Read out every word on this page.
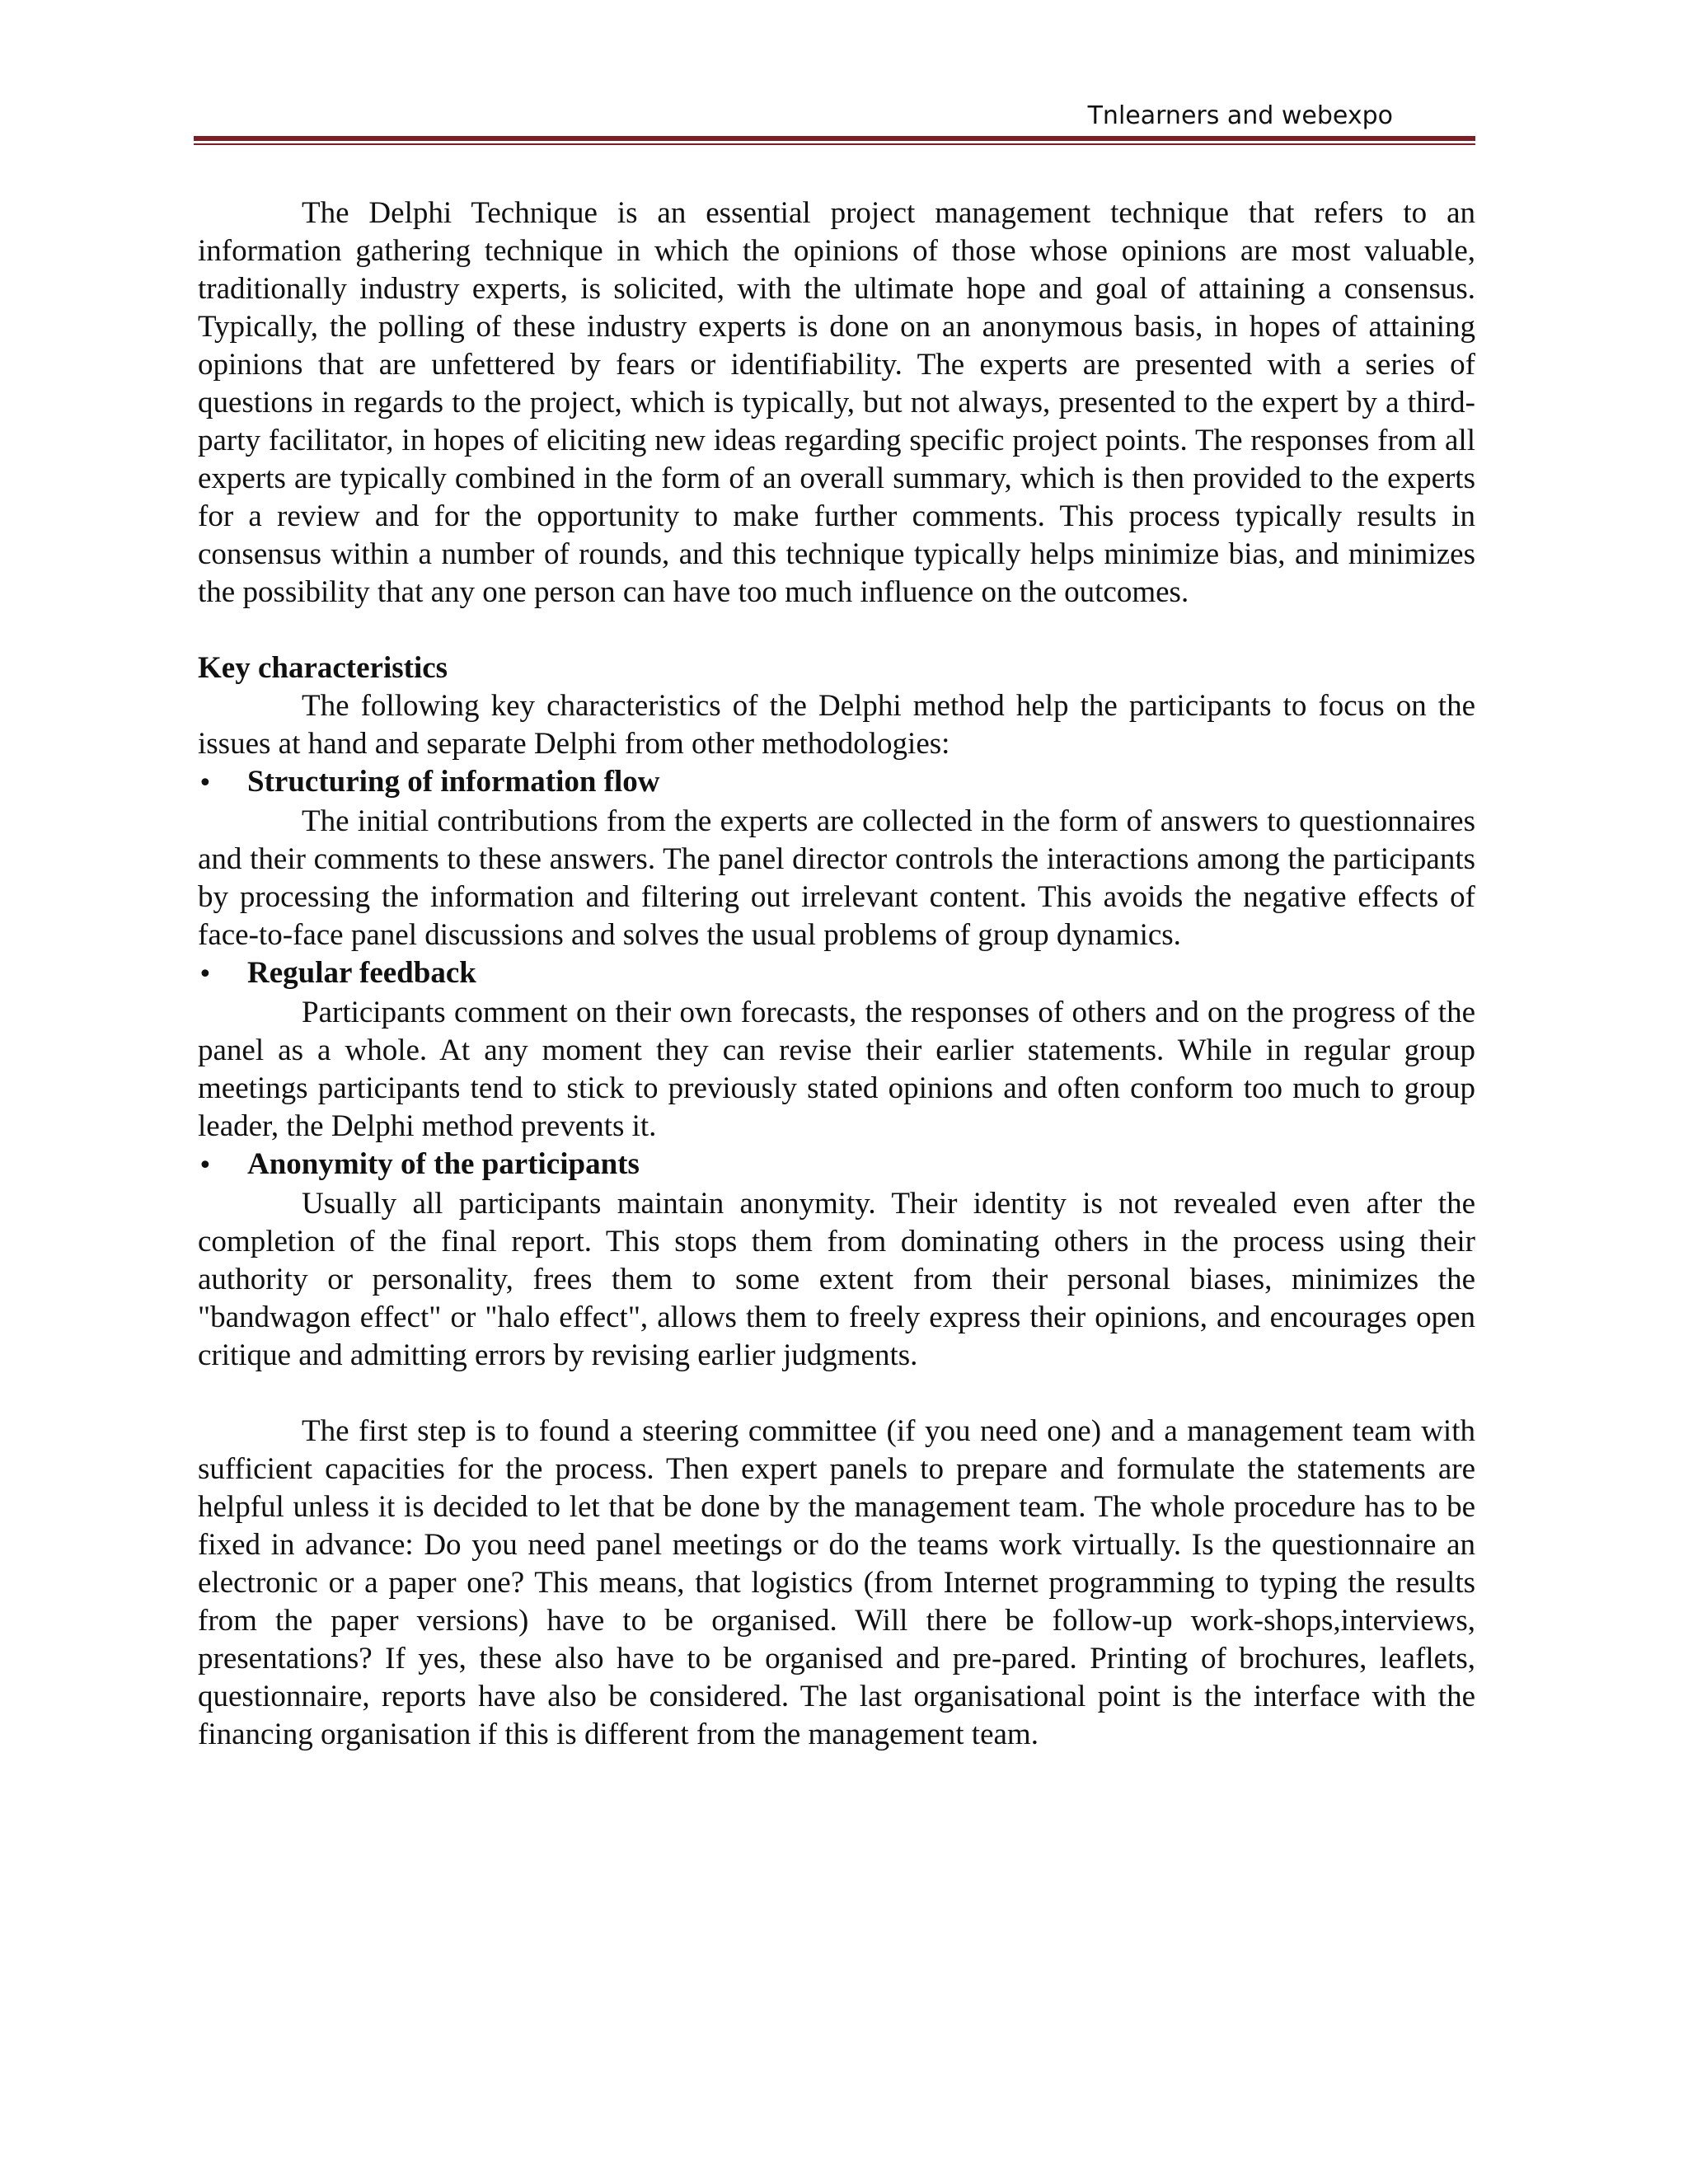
Tnlearners and webexpo

The Delphi Technique is an essential project management technique that refers to an information gathering technique in which the opinions of those whose opinions are most valuable, traditionally industry experts, is solicited, with the ultimate hope and goal of attaining a consensus. Typically, the polling of these industry experts is done on an anonymous basis, in hopes of attaining opinions that are unfettered by fears or identifiability. The experts are presented with a series of questions in regards to the project, which is typically, but not always, presented to the expert by a third-party facilitator, in hopes of eliciting new ideas regarding specific project points. The responses from all experts are typically combined in the form of an overall summary, which is then provided to the experts for a review and for the opportunity to make further comments. This process typically results in consensus within a number of rounds, and this technique typically helps minimize bias, and minimizes the possibility that any one person can have too much influence on the outcomes.

Key characteristics

The following key characteristics of the Delphi method help the participants to focus on the issues at hand and separate Delphi from other methodologies:

•	Structuring of information flow

The initial contributions from the experts are collected in the form of answers to questionnaires and their comments to these answers. The panel director controls the interactions among the participants by processing the information and filtering out irrelevant content. This avoids the negative effects of face-to-face panel discussions and solves the usual problems of group dynamics.

•	Regular feedback

Participants comment on their own forecasts, the responses of others and on the progress of the panel as a whole. At any moment they can revise their earlier statements. While in regular group meetings participants tend to stick to previously stated opinions and often conform too much to group leader, the Delphi method prevents it.

•	Anonymity of the participants

Usually all participants maintain anonymity. Their identity is not revealed even after the completion of the final report. This stops them from dominating others in the process using their authority or personality, frees them to some extent from their personal biases, minimizes the "bandwagon effect" or "halo effect", allows them to freely express their opinions, and encourages open critique and admitting errors by revising earlier judgments.

The first step is to found a steering committee (if you need one) and a management team with sufficient capacities for the process. Then expert panels to prepare and formulate the statements are helpful unless it is decided to let that be done by the management team. The whole procedure has to be fixed in advance: Do you need panel meetings or do the teams work virtually. Is the questionnaire an electronic or a paper one? This means, that logistics (from Internet programming to typing the results from the paper versions) have to be organised. Will there be follow-up work-shops,interviews, presentations? If yes, these also have to be organised and pre-pared. Printing of brochures, leaflets, questionnaire, reports have also be considered. The last organisational point is the interface with the financing organisation if this is different from the management team.
